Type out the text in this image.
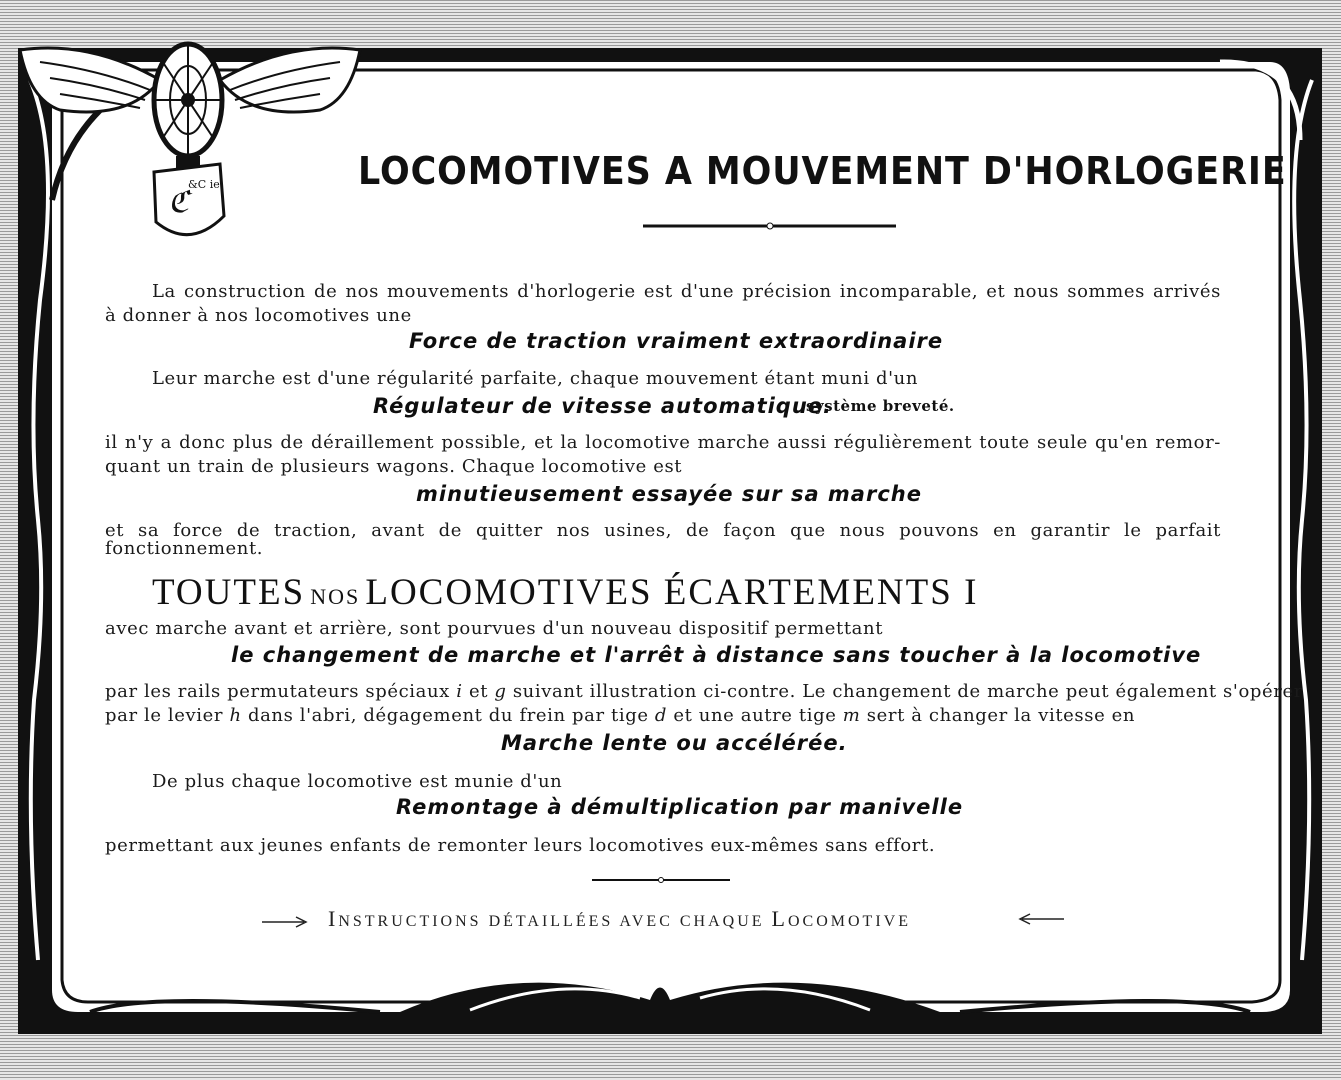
ℭ
&C ie	LOCOMOTIVES A MOUVEMENT D'HORLOGERIE
La construction de nos mouvements d'horlogerie est d'une précision incomparable, et nous sommes arrivés
à donner à nos locomotives une
Force de traction vraiment extraordinaire
Leur marche est d'une régularité parfaite, chaque mouvement étant muni d'un
Régulateur de vitesse automatique.
système breveté.
il n'y a donc plus de déraillement possible, et la locomotive marche aussi régulièrement toute seule qu'en remor-
quant un train de plusieurs wagons. Chaque locomotive est
minutieusement essayée sur sa marche
et sa force de traction, avant de quitter nos usines, de façon que nous pouvons en garantir le parfait fonctionnement.
TOUTES NOS LOCOMOTIVES ÉCARTEMENTS I
avec marche avant et arrière, sont pourvues d'un nouveau dispositif permettant
le changement de marche et l'arrêt à distance sans toucher à la locomotive
par les rails permutateurs spéciaux i et g suivant illustration ci-contre. Le changement de marche peut également s'opérer
par le levier h dans l'abri, dégagement du frein par tige d et une autre tige m sert à changer la vitesse en
Marche lente ou accélérée.
De plus chaque locomotive est munie d'un
Remontage à démultiplication par manivelle
permettant aux jeunes enfants de remonter leurs locomotives eux-mêmes sans effort.
INSTRUCTIONS DÉTAILLÉES AVEC CHAQUE LOCOMOTIVE
